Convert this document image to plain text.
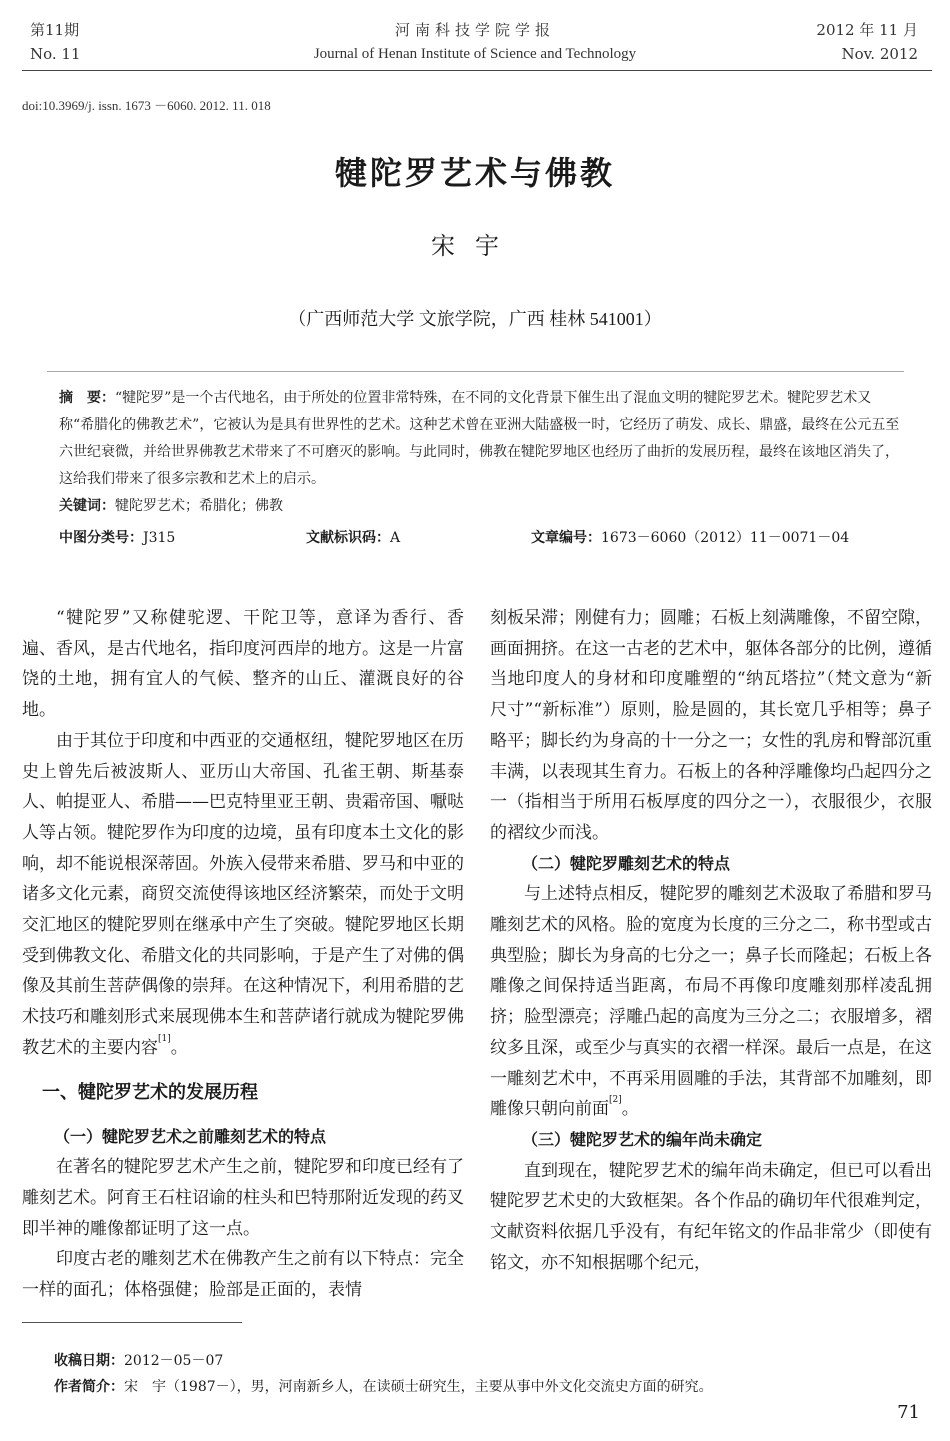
第11期
No. 11
河南科技学院学报
Journal of Henan Institute of Science and Technology
2012 年 11 月
Nov. 2012
doi:10.3969/j. issn. 1673 －6060. 2012. 11. 018
犍陀罗艺术与佛教
宋宇
（广西师范大学 文旅学院，广西 桂林 541001）

摘　要：“犍陀罗”是一个古代地名，由于所处的位置非常特殊，在不同的文化背景下催生出了混血文明的犍陀罗艺术。犍陀罗艺术又称“希腊化的佛教艺术”，它被认为是具有世界性的艺术。这种艺术曾在亚洲大陆盛极一时，它经历了萌发、成长、鼎盛，最终在公元五至六世纪衰微，并给世界佛教艺术带来了不可磨灭的影响。与此同时，佛教在犍陀罗地区也经历了曲折的发展历程，最终在该地区消失了，这给我们带来了很多宗教和艺术上的启示。

关键词：犍陀罗艺术；希腊化；佛教

中图分类号：J315	文献标识码：A	文章编号：1673－6060（2012）11－0071－04

“犍陀罗”又称健驼逻、干陀卫等，意译为香行、香遍、香风，是古代地名，指印度河西岸的地方。这是一片富饶的土地，拥有宜人的气候、整齐的山丘、灌溉良好的谷地。

由于其位于印度和中西亚的交通枢纽，犍陀罗地区在历史上曾先后被波斯人、亚历山大帝国、孔雀王朝、斯基泰人、帕提亚人、希腊——巴克特里亚王朝、贵霜帝国、嚈哒人等占领。犍陀罗作为印度的边境，虽有印度本土文化的影响，却不能说根深蒂固。外族入侵带来希腊、罗马和中亚的诸多文化元素，商贸交流使得该地区经济繁荣，而处于文明交汇地区的犍陀罗则在继承中产生了突破。犍陀罗地区长期受到佛教文化、希腊文化的共同影响，于是产生了对佛的偶像及其前生菩萨偶像的崇拜。在这种情况下，利用希腊的艺术技巧和雕刻形式来展现佛本生和菩萨诸行就成为犍陀罗佛教艺术的主要内容[1]。

一、犍陀罗艺术的发展历程

（一）犍陀罗艺术之前雕刻艺术的特点

在著名的犍陀罗艺术产生之前，犍陀罗和印度已经有了雕刻艺术。阿育王石柱诏谕的柱头和巴特那附近发现的药叉即半神的雕像都证明了这一点。

印度古老的雕刻艺术在佛教产生之前有以下特点：完全一样的面孔；体格强健；脸部是正面的，表情

刻板呆滞；刚健有力；圆雕；石板上刻满雕像，不留空隙，画面拥挤。在这一古老的艺术中，躯体各部分的比例，遵循当地印度人的身材和印度雕塑的“纳瓦塔拉”（梵文意为“新尺寸”“新标准”）原则，脸是圆的，其长宽几乎相等；鼻子略平；脚长约为身高的十一分之一；女性的乳房和臀部沉重丰满，以表现其生育力。石板上的各种浮雕像均凸起四分之一（指相当于所用石板厚度的四分之一），衣服很少，衣服的褶纹少而浅。

（二）犍陀罗雕刻艺术的特点

与上述特点相反，犍陀罗的雕刻艺术汲取了希腊和罗马雕刻艺术的风格。脸的宽度为长度的三分之二，称书型或古典型脸；脚长为身高的七分之一；鼻子长而隆起；石板上各雕像之间保持适当距离，布局不再像印度雕刻那样凌乱拥挤；脸型漂亮；浮雕凸起的高度为三分之二；衣服增多，褶纹多且深，或至少与真实的衣褶一样深。最后一点是，在这一雕刻艺术中，不再采用圆雕的手法，其背部不加雕刻，即雕像只朝向前面[2]。

（三）犍陀罗艺术的编年尚未确定

直到现在，犍陀罗艺术的编年尚未确定，但已可以看出犍陀罗艺术史的大致框架。各个作品的确切年代很难判定，文献资料依据几乎没有，有纪年铭文的作品非常少（即使有铭文，亦不知根据哪个纪元，

收稿日期：2012－05－07
作者简介：宋　宇（1987－），男，河南新乡人，在读硕士研究生，主要从事中外文化交流史方面的研究。
71
